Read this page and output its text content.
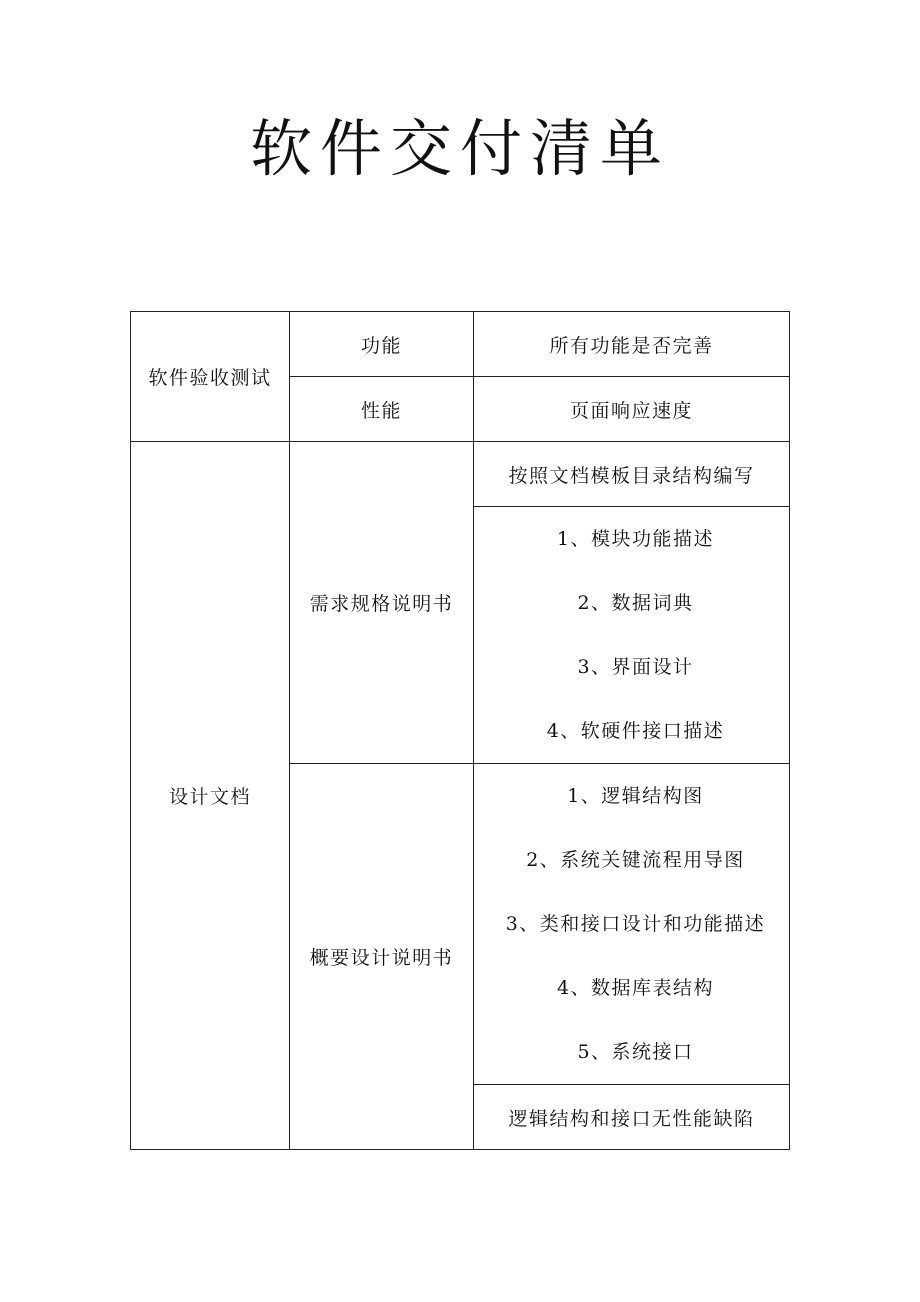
软件交付清单
软件验收测试	功能	所有功能是否完善
	性能	页面响应速度
设计文档	需求规格说明书	按照文档模板目录结构编写

		1、模块功能描述
2、数据词典
3、界面设计
4、软硬件接口描述

	概要设计说明书	1、逻辑结构图
2、系统关键流程用导图
3、类和接口设计和功能描述
4、数据库表结构
5、系统接口

		逻辑结构和接口无性能缺陷
